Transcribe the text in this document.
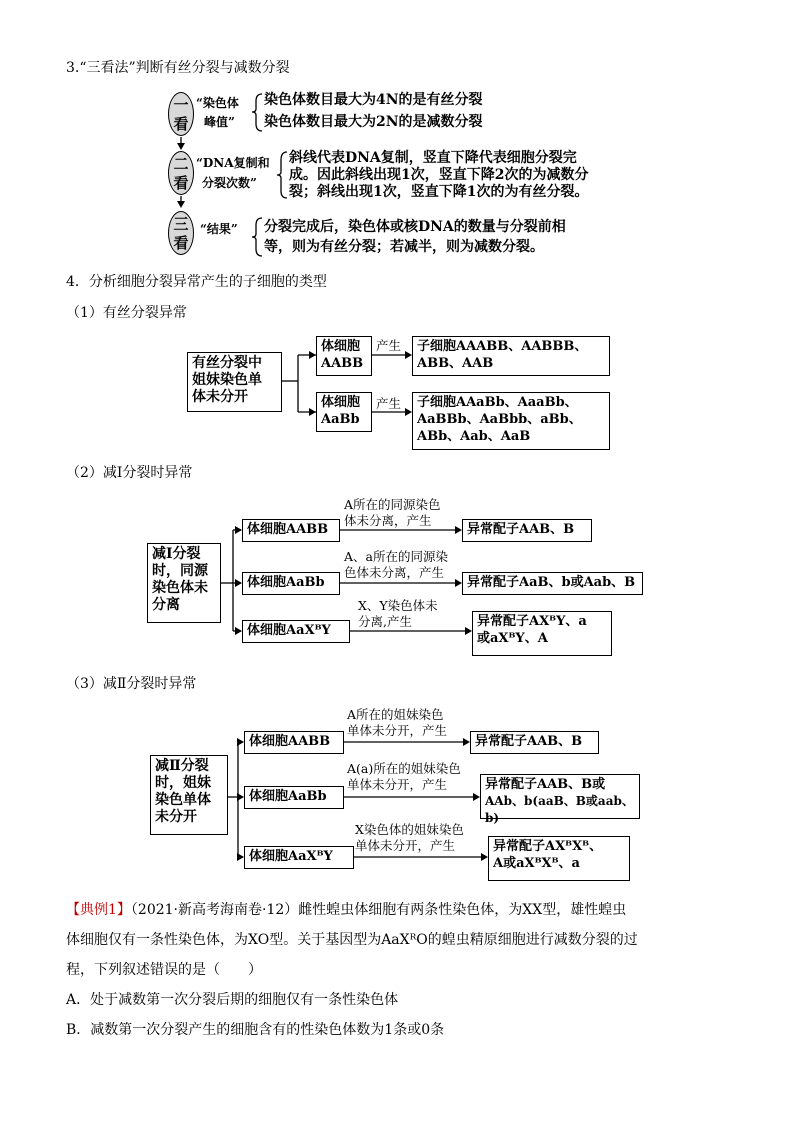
3.“三看法”判断有丝分裂与减数分裂
一
看
“染色体
峰值”
染色体数目最大为4N的是有丝分裂
染色体数目最大为2N的是减数分裂
二
看
“DNA复制和
分裂次数”
斜线代表DNA复制，竖直下降代表细胞分裂完
成。因此斜线出现1次，竖直下降2次的为减数分
裂；斜线出现1次，竖直下降1次的为有丝分裂。
三
看
“结果” 分裂完成后，染色体或核DNA的数量与分裂前相
等，则为有丝分裂；若减半，则为减数分裂。
4．分析细胞分裂异常产生的子细胞的类型
（1）有丝分裂异常
有丝分裂中
姐妹染色单
体未分开
体细胞
AABB
产生 子细胞AAABB、AABBB、
ABB、AAB
体细胞
AaBb
产生 子细胞AAaBb、AaaBb、
AaBBb、AaBbb、aBb、
ABb、Aab、AaB
（2）减Ⅰ分裂时异常
减Ⅰ分裂
时，同源
染色体未
分离
体细胞AABB
A所在的同源染色
体未分离，产生
异常配子AAB、B
体细胞AaBb
A、a所在的同源染
色体未分离，产生
异常配子AaB、b或Aab、B
体细胞AaXᴮY
X、Y染色体未
分离,产生	异常配子AXᴮY、a
或aXᴮY、A
（3）减Ⅱ分裂时异常
减Ⅱ分裂
时，姐妹
染色单体
未分开
体细胞AABB
A所在的姐妹染色
单体未分开，产生
异常配子AAB、B
体细胞AaBb
A(a)所在的姐妹染色
单体未分开，产生	异常配子AAB、B或
AAb、b(aaB、B或aab、b)
体细胞AaXᴮY
X染色体的姐妹染色
单体未分开，产生	异常配子AXᴮXᴮ、
A或aXᴮXᴮ、a
【典例1】（2021·新高考海南卷·12）雌性蝗虫体细胞有两条性染色体，为XX型，雄性蝗虫
体细胞仅有一条性染色体，为XO型。关于基因型为AaXᴿO的蝗虫精原细胞进行减数分裂的过
程，下列叙述错误的是（　　）
A．处于减数第一次分裂后期的细胞仅有一条性染色体
B．减数第一次分裂产生的细胞含有的性染色体数为1条或0条
